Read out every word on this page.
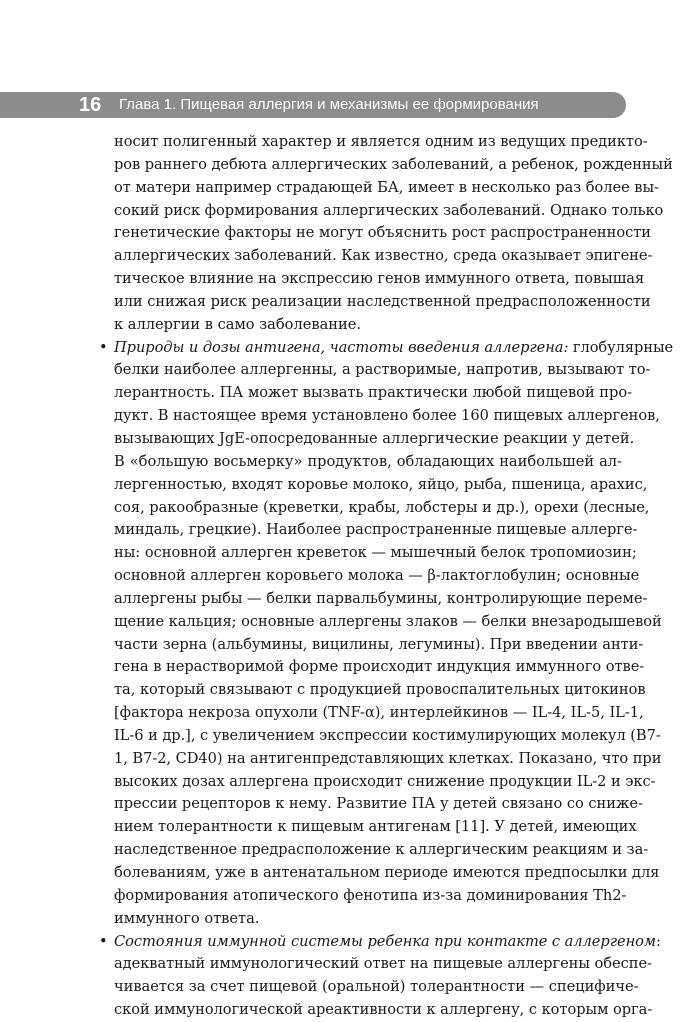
16 Глава 1. Пищевая аллергия и механизмы ее формирования
носит полигенный характер и является одним из ведущих предикто-
ров раннего дебюта аллергических заболеваний, а ребенок, рожденный
от матери например страдающей БА, имеет в несколько раз более вы-
сокий риск формирования аллергических заболеваний. Однако только
генетические факторы не могут объяснить рост распространенности
аллергических заболеваний. Как известно, среда оказывает эпигене-
тическое влияние на экспрессию генов иммунного ответа, повышая
или снижая риск реализации наследственной предрасположенности
к аллергии в само заболевание.
• Природы и дозы антигена, частоты введения аллергена: глобулярные
белки наиболее аллергенны, а растворимые, напротив, вызывают то-
лерантность. ПА может вызвать практически любой пищевой про-
дукт. В настоящее время установлено более 160 пищевых аллергенов,
вызывающих JgE-опосредованные аллергические реакции у детей.
В «большую восьмерку» продуктов, обладающих наибольшей ал-
лергенностью, входят коровье молоко, яйцо, рыба, пшеница, арахис,
соя, ракообразные (креветки, крабы, лобстеры и др.), орехи (лесные,
миндаль, грецкие). Наиболее распространенные пищевые аллерге-
ны: основной аллерген креветок — мышечный белок тропомиозин;
основной аллерген коровьего молока — β-лактоглобулин; основные
аллергены рыбы — белки парвальбумины, контролирующие переме-
щение кальция; основные аллергены злаков — белки внезародышевой
части зерна (альбумины, вицилины, легумины). При введении анти-
гена в нерастворимой форме происходит индукция иммунного отве-
та, который связывают с продукцией провоспалительных цитокинов
[фактора некроза опухоли (TNF-α), интерлейкинов — IL-4, IL-5, IL-1,
IL-6 и др.], с увеличением экспрессии костимулирующих молекул (B7-
1, B7-2, CD40) на антигенпредставляющих клетках. Показано, что при
высоких дозах аллергена происходит снижение продукции IL-2 и экс-
прессии рецепторов к нему. Развитие ПА у детей связано со сниже-
нием толерантности к пищевым антигенам [11]. У детей, имеющих
наследственное предрасположение к аллергическим реакциям и за-
болеваниям, уже в антенатальном периоде имеются предпосылки для
формирования атопического фенотипа из-за доминирования Th2-
иммунного ответа.
• Состояния иммунной системы ребенка при контакте с аллергеном:
адекватный иммунологический ответ на пищевые аллергены обеспе-
чивается за счет пищевой (оральной) толерантности — специфиче-
ской иммунологической ареактивности к аллергену, с которым орга-
